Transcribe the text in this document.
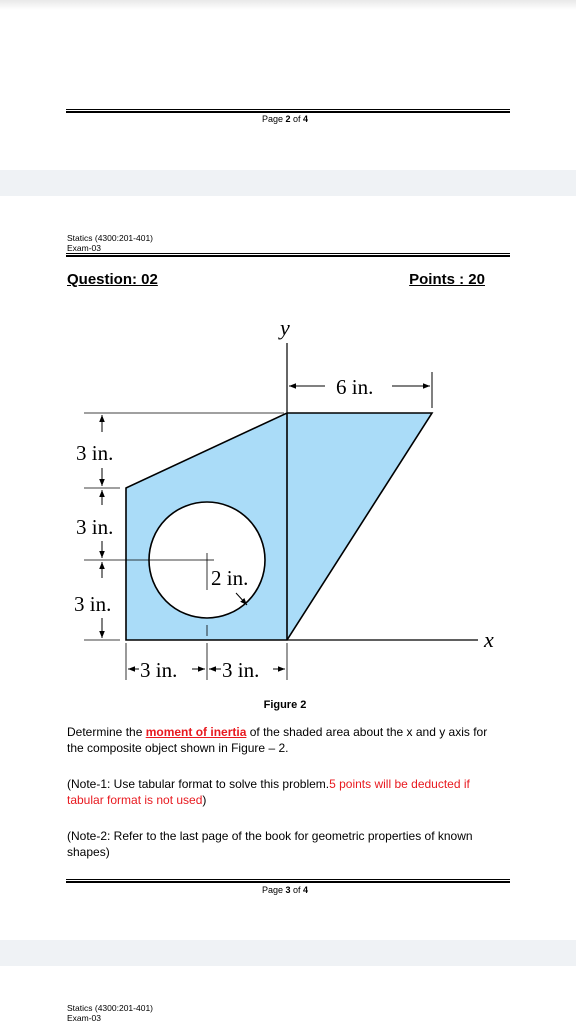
Page 2 of 4
Statics (4300:201-401)
Exam-03
Question: 02	Points : 20
y
x
6 in.
3 in.
3 in.
3 in.
2 in.
3 in. 3 in.
Figure 2
Determine the moment of inertia of the shaded area about the x and y axis for the composite object shown in Figure – 2.
(Note-1: Use tabular format to solve this problem.5 points will be deducted if tabular format is not used)
(Note-2: Refer to the last page of the book for geometric properties of known shapes)
Page 3 of 4
Statics (4300:201-401)
Exam-03
